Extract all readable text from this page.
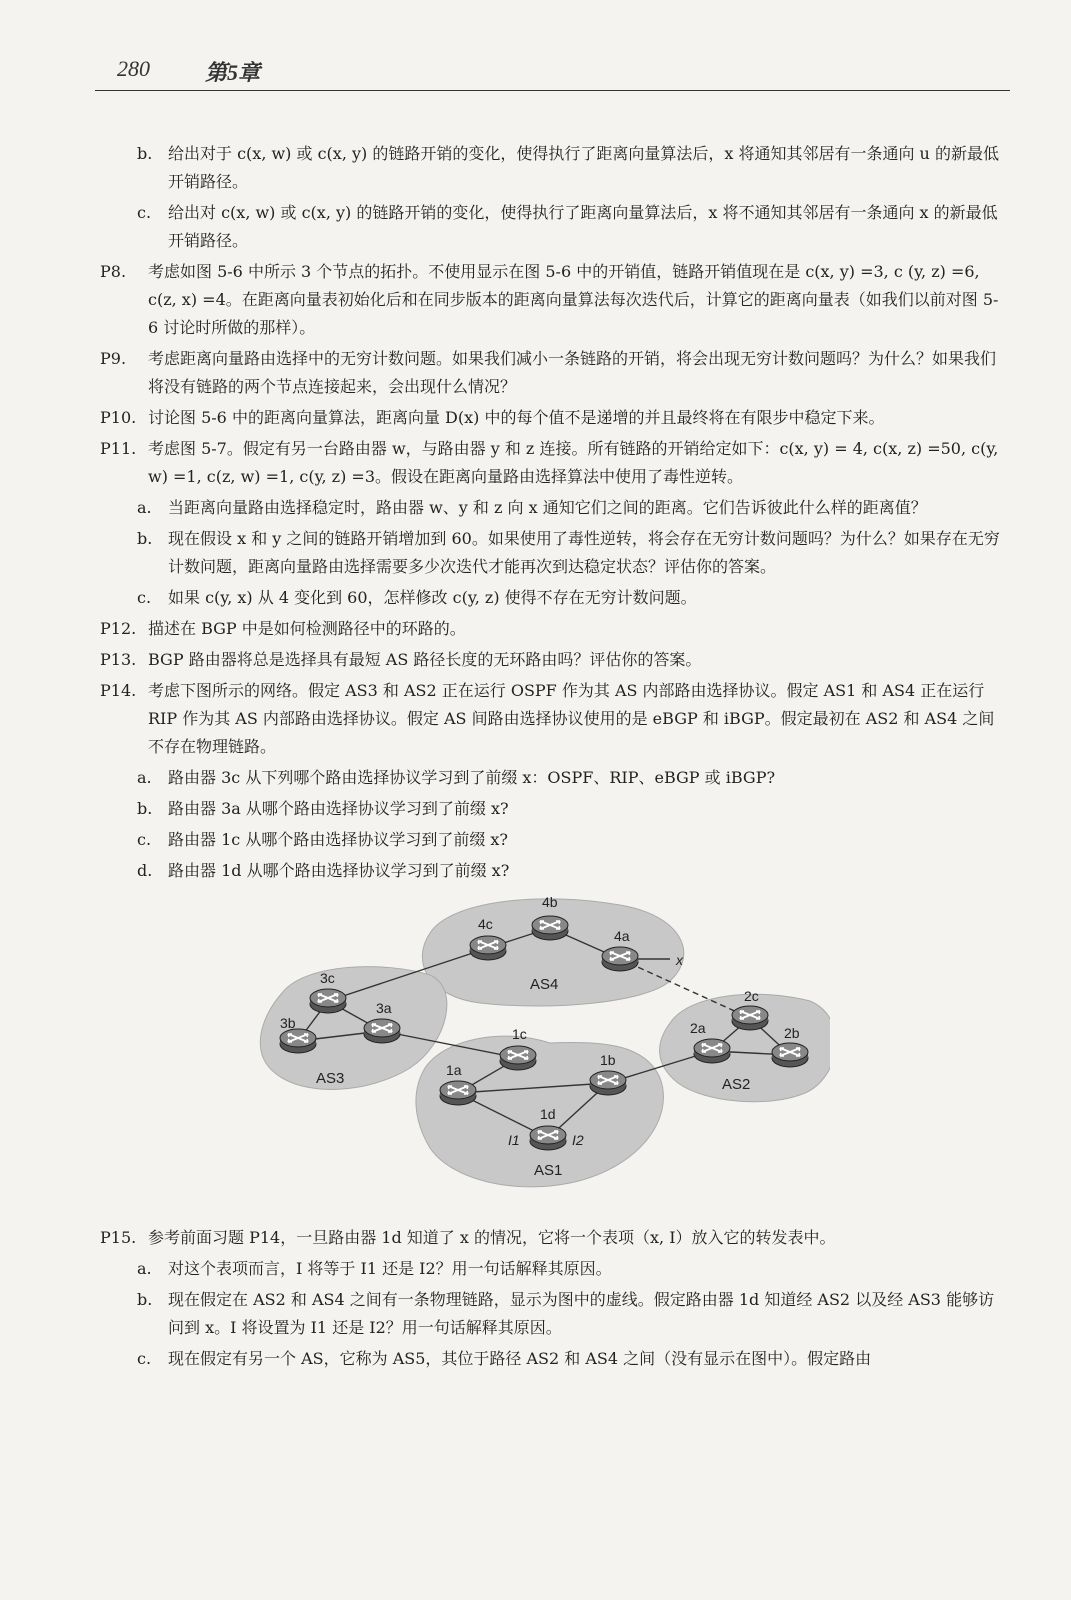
280	第5章
b. 给出对于 c(x, w) 或 c(x, y) 的链路开销的变化，使得执行了距离向量算法后，x 将通知其邻居有一条通向 u 的新最低开销路径。
c. 给出对 c(x, w) 或 c(x, y) 的链路开销的变化，使得执行了距离向量算法后，x 将不通知其邻居有一条通向 x 的新最低开销路径。
P8. 考虑如图 5-6 中所示 3 个节点的拓扑。不使用显示在图 5-6 中的开销值，链路开销值现在是 c(x, y) =3, c (y, z) =6, c(z, x) =4。在距离向量表初始化后和在同步版本的距离向量算法每次迭代后，计算它的距离向量表（如我们以前对图 5-6 讨论时所做的那样）。
P9. 考虑距离向量路由选择中的无穷计数问题。如果我们减小一条链路的开销，将会出现无穷计数问题吗？为什么？如果我们将没有链路的两个节点连接起来，会出现什么情况？
P10. 讨论图 5-6 中的距离向量算法，距离向量 D(x) 中的每个值不是递增的并且最终将在有限步中稳定下来。
P11. 考虑图 5-7。假定有另一台路由器 w，与路由器 y 和 z 连接。所有链路的开销给定如下：c(x, y) = 4, c(x, z) =50, c(y, w) =1, c(z, w) =1, c(y, z) =3。假设在距离向量路由选择算法中使用了毒性逆转。
a. 当距离向量路由选择稳定时，路由器 w、y 和 z 向 x 通知它们之间的距离。它们告诉彼此什么样的距离值？
b. 现在假设 x 和 y 之间的链路开销增加到 60。如果使用了毒性逆转，将会存在无穷计数问题吗？为什么？如果存在无穷计数问题，距离向量路由选择需要多少次迭代才能再次到达稳定状态？评估你的答案。
c. 如果 c(y, x) 从 4 变化到 60，怎样修改 c(y, z) 使得不存在无穷计数问题。
P12. 描述在 BGP 中是如何检测路径中的环路的。
P13. BGP 路由器将总是选择具有最短 AS 路径长度的无环路由吗？评估你的答案。
P14. 考虑下图所示的网络。假定 AS3 和 AS2 正在运行 OSPF 作为其 AS 内部路由选择协议。假定 AS1 和 AS4 正在运行 RIP 作为其 AS 内部路由选择协议。假定 AS 间路由选择协议使用的是 eBGP 和 iBGP。假定最初在 AS2 和 AS4 之间不存在物理链路。
a. 路由器 3c 从下列哪个路由选择协议学习到了前缀 x：OSPF、RIP、eBGP 或 iBGP?
b. 路由器 3a 从哪个路由选择协议学习到了前缀 x?
c. 路由器 1c 从哪个路由选择协议学习到了前缀 x?
d. 路由器 1d 从哪个路由选择协议学习到了前缀 x?
4b
4c
4a
3c
3a
3b
1c
1a
1b
1d
2c
2a	2b
AS4
AS3	AS2
AS1
x
I1	I2
P15. 参考前面习题 P14，一旦路由器 1d 知道了 x 的情况，它将一个表项（x, I）放入它的转发表中。
a. 对这个表项而言，I 将等于 I1 还是 I2？用一句话解释其原因。
b. 现在假定在 AS2 和 AS4 之间有一条物理链路，显示为图中的虚线。假定路由器 1d 知道经 AS2 以及经 AS3 能够访问到 x。I 将设置为 I1 还是 I2？用一句话解释其原因。
c. 现在假定有另一个 AS，它称为 AS5，其位于路径 AS2 和 AS4 之间（没有显示在图中）。假定路由
